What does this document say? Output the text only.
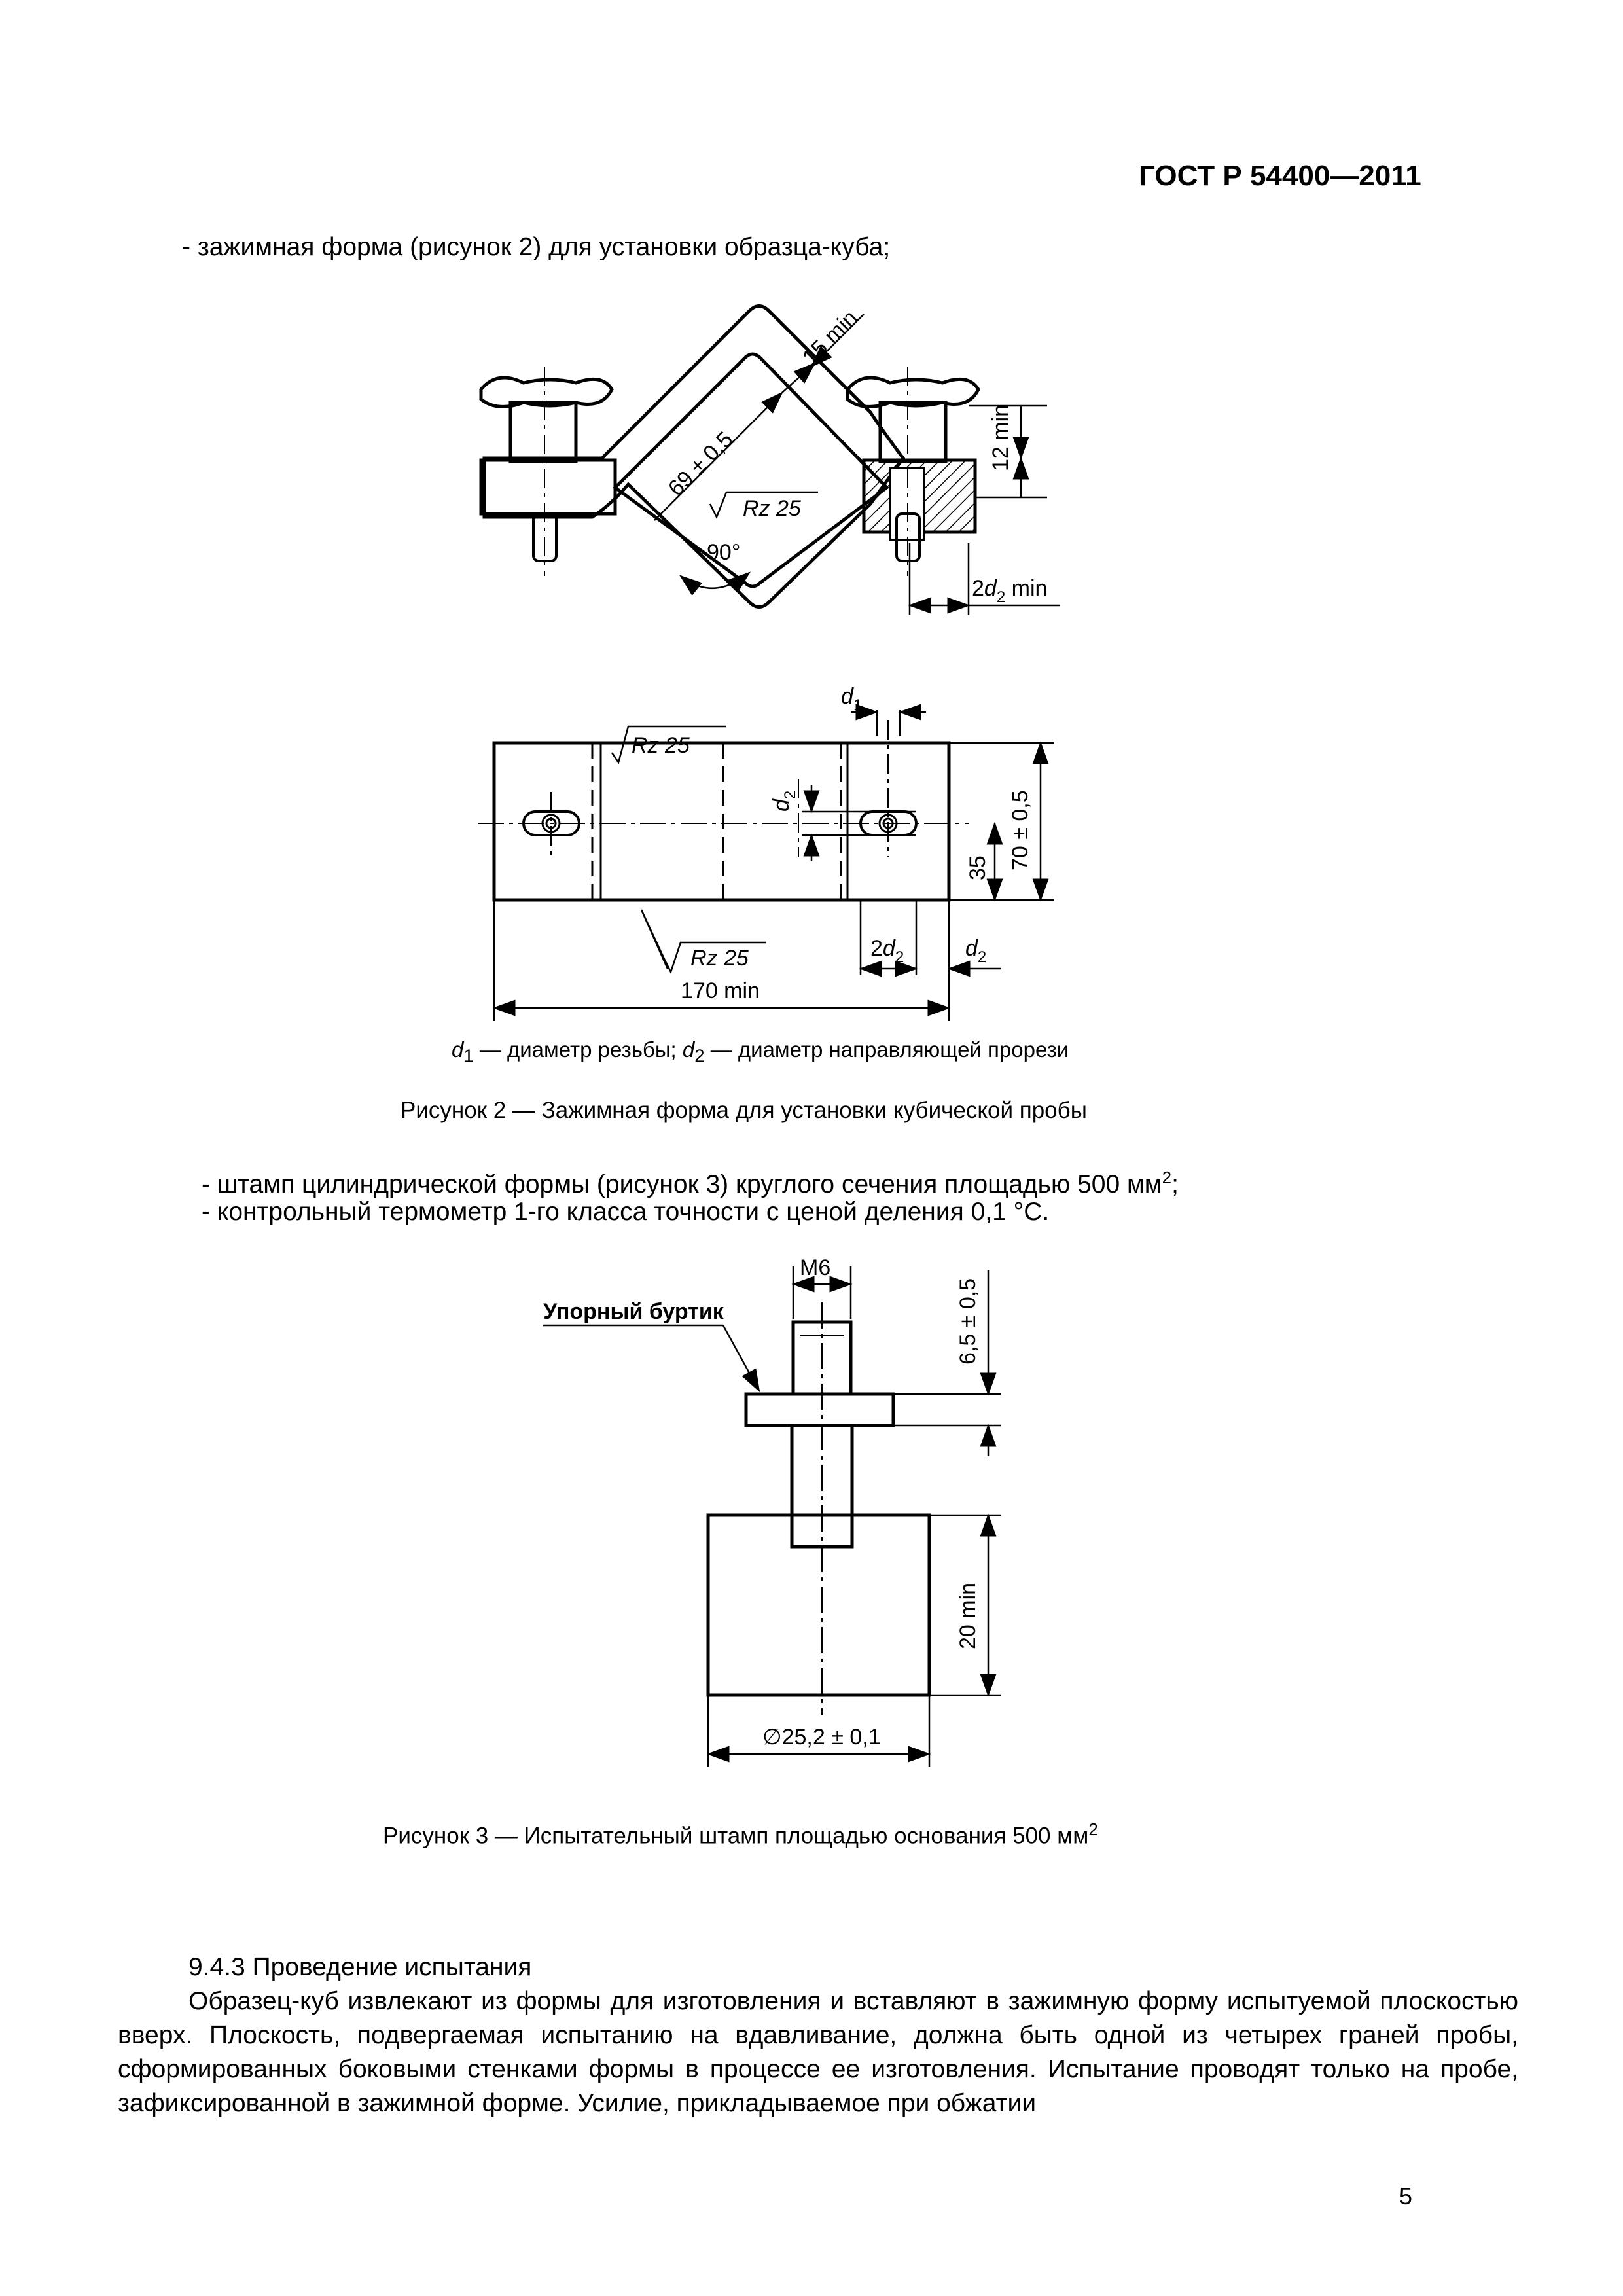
ГОСТ Р 54400—2011
- зажимная форма (рисунок 2) для установки образца-куба;
15 min
69 ± 0,5
Rz 25
90°
12 min
$2d_2$ min
$d_1$
$d_2$
Rz 25
Rz 25
35 70 ± 0,5
$2d_2$	$d_2$
170 min
$d_1$ — диаметр резьбы; $d_2$ — диаметр направляющей прорези
Рисунок 2 — Зажимная форма для установки кубической пробы
- штамп цилиндрической формы (рисунок 3) круглого сечения площадью 500 $мм^2$;
- контрольный термометр 1-го класса точности с ценой деления 0,1 °С.
М6
Упорный буртик	6,5 ± 0,5
20 min
∅25,2 ± 0,1
Рисунок 3 — Испытательный штамп площадью основания 500 $мм^2$

9.4.3 Проведение испытания

Образец-куб извлекают из формы для изготовления и вставляют в зажимную форму испытуемой плоскостью вверх. Плоскость, подвергаемая испытанию на вдавливание, должна быть одной из четырех граней пробы, сформированных боковыми стенками формы в процессе ее изготовления. Испытание проводят только на пробе, зафиксированной в зажимной форме. Усилие, прикладываемое при обжатии

5
